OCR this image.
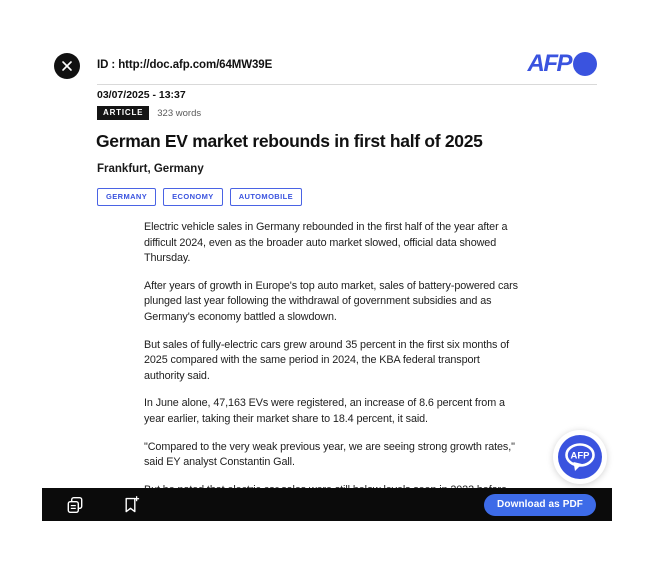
ID : http://doc.afp.com/64MW39E	AFP
03/07/2025 - 13:37
ARTICLE	323 words
German EV market rebounds in first half of 2025
Frankfurt, Germany
GERMANY	ECONOMY	AUTOMOBILE

Electric vehicle sales in Germany rebounded in the first half of the year after a difficult 2024, even as the broader auto market slowed, official data showed Thursday.

After years of growth in Europe's top auto market, sales of battery-powered cars plunged last year following the withdrawal of government subsidies and as Germany's economy battled a slowdown.

But sales of fully-electric cars grew around 35 percent in the first six months of 2025 compared with the same period in 2024, the KBA federal transport authority said.

In June alone, 47,163 EVs were registered, an increase of 8.6 percent from a year earlier, taking their market share to 18.4 percent, it said.

"Compared to the very weak previous year, we are seeing strong growth rates," said EY analyst Constantin Gall.

AFP
Download as PDF
